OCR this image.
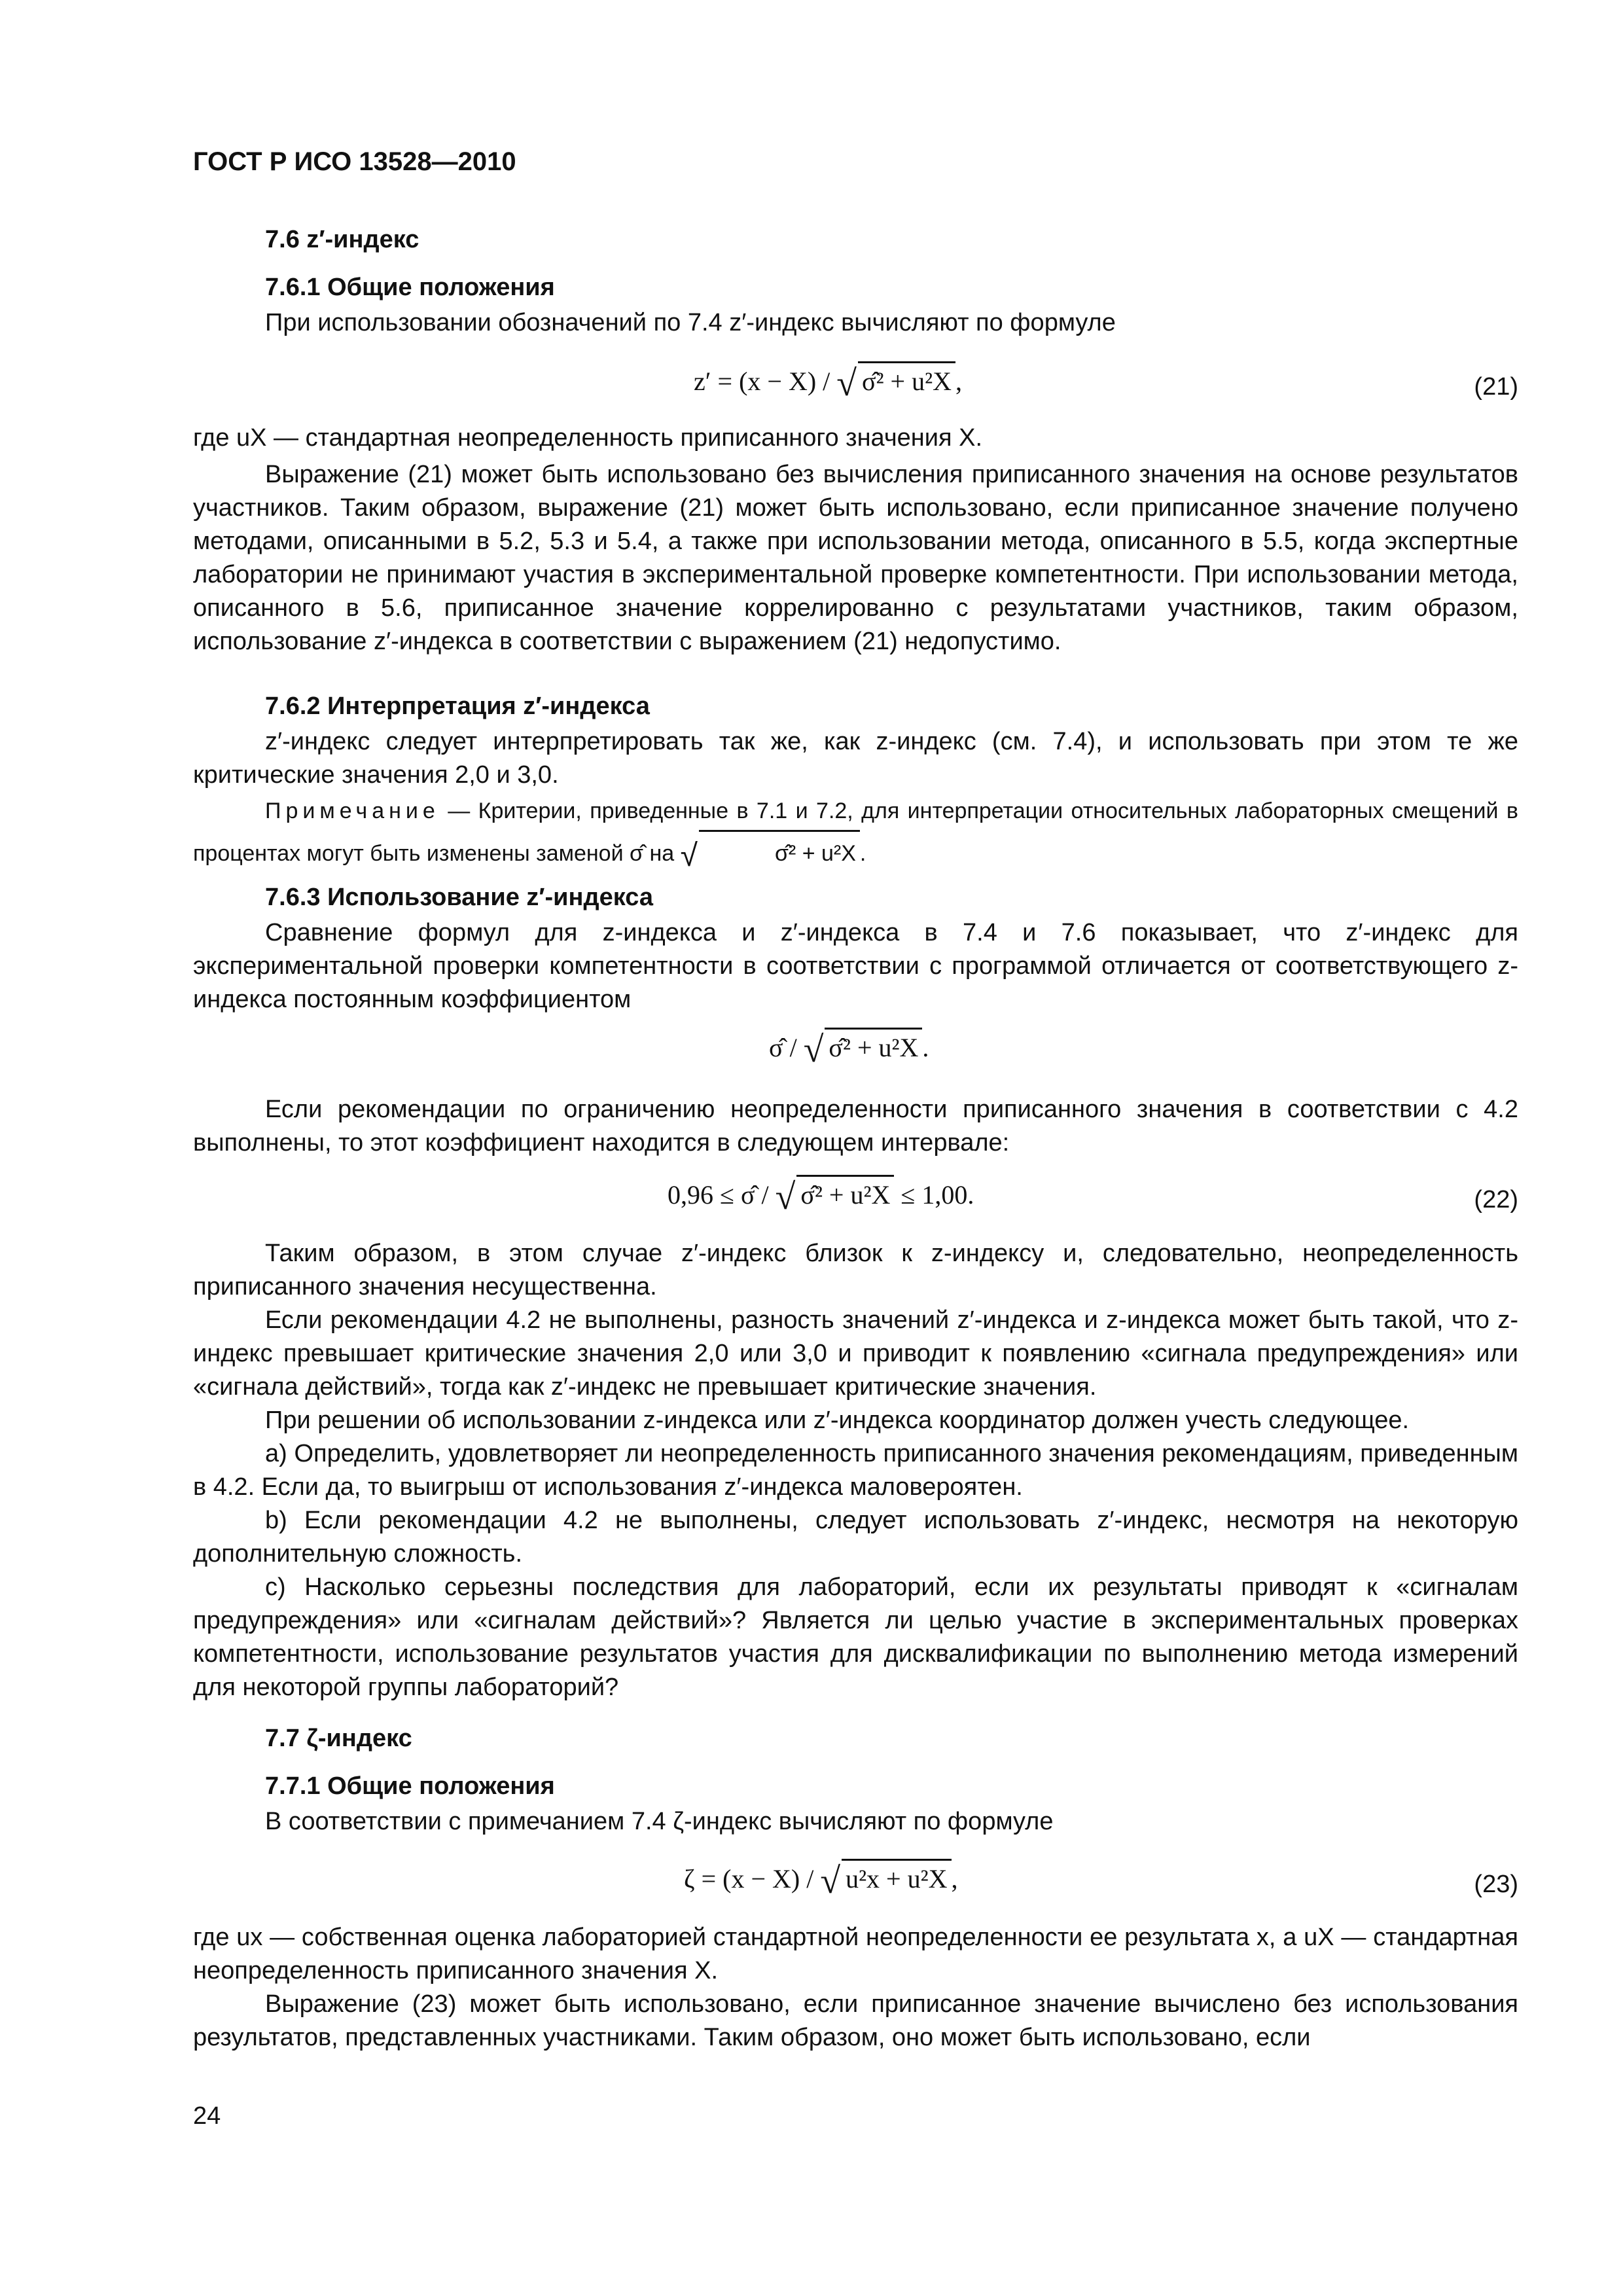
ГОСТ Р ИСО 13528—2010
7.6 z′-индекс
7.6.1 Общие положения
При использовании обозначений по 7.4 z′-индекс вычисляют по формуле
z′ = (x − X) / √ σ̂² + u²X ,	(21)
где uX — стандартная неопределенность приписанного значения X.
Выражение (21) может быть использовано без вычисления приписанного значения на основе результатов участников. Таким образом, выражение (21) может быть использовано, если приписанное значение получено методами, описанными в 5.2, 5.3 и 5.4, а также при использовании метода, описанного в 5.5, когда экспертные лаборатории не принимают участия в экспериментальной проверке компетентности. При использовании метода, описанного в 5.6, приписанное значение коррелированно с результатами участников, таким образом, использование z′-индекса в соответствии с выражением (21) недопустимо.
7.6.2 Интерпретация z′-индекса
z′-индекс следует интерпретировать так же, как z-индекс (см. 7.4), и использовать при этом те же критические значения 2,0 и 3,0.
Примечание — Критерии, приведенные в 7.1 и 7.2, для интерпретации относительных лабораторных смещений в процентах могут быть изменены заменой σ̂ на √	σ̂² + u²X .
7.6.3 Использование z′-индекса
Сравнение формул для z-индекса и z′-индекса в 7.4 и 7.6 показывает, что z′-индекс для экспериментальной проверки компетентности в соответствии с программой отличается от соответствующего z-индекса постоянным коэффициентом
σ̂ / √ σ̂² + u²X .
Если рекомендации по ограничению неопределенности приписанного значения в соответствии с 4.2 выполнены, то этот коэффициент находится в следующем интервале:
0,96 ≤ σ̂ / √ σ̂² + u²X ≤ 1,00.	(22)
Таким образом, в этом случае z′-индекс близок к z-индексу и, следовательно, неопределенность приписанного значения несущественна.
Если рекомендации 4.2 не выполнены, разность значений z′-индекса и z-индекса может быть такой, что z-индекс превышает критические значения 2,0 или 3,0 и приводит к появлению «сигнала предупреждения» или «сигнала действий», тогда как z′-индекс не превышает критические значения.
При решении об использовании z-индекса или z′-индекса координатор должен учесть следующее.
a) Определить, удовлетворяет ли неопределенность приписанного значения рекомендациям, приведенным в 4.2. Если да, то выигрыш от использования z′-индекса маловероятен.
b) Если рекомендации 4.2 не выполнены, следует использовать z′-индекс, несмотря на некоторую дополнительную сложность.
c) Насколько серьезны последствия для лабораторий, если их результаты приводят к «сигналам предупреждения» или «сигналам действий»? Является ли целью участие в экспериментальных проверках компетентности, использование результатов участия для дисквалификации по выполнению метода измерений для некоторой группы лабораторий?
7.7 ζ-индекс
7.7.1 Общие положения
В соответствии с примечанием 7.4 ζ-индекс вычисляют по формуле
ζ = (x − X) / √ u²x + u²X ,	(23)
где ux — собственная оценка лабораторией стандартной неопределенности ее результата x, а uX — стандартная неопределенность приписанного значения X.
Выражение (23) может быть использовано, если приписанное значение вычислено без использования результатов, представленных участниками. Таким образом, оно может быть использовано, если
24
